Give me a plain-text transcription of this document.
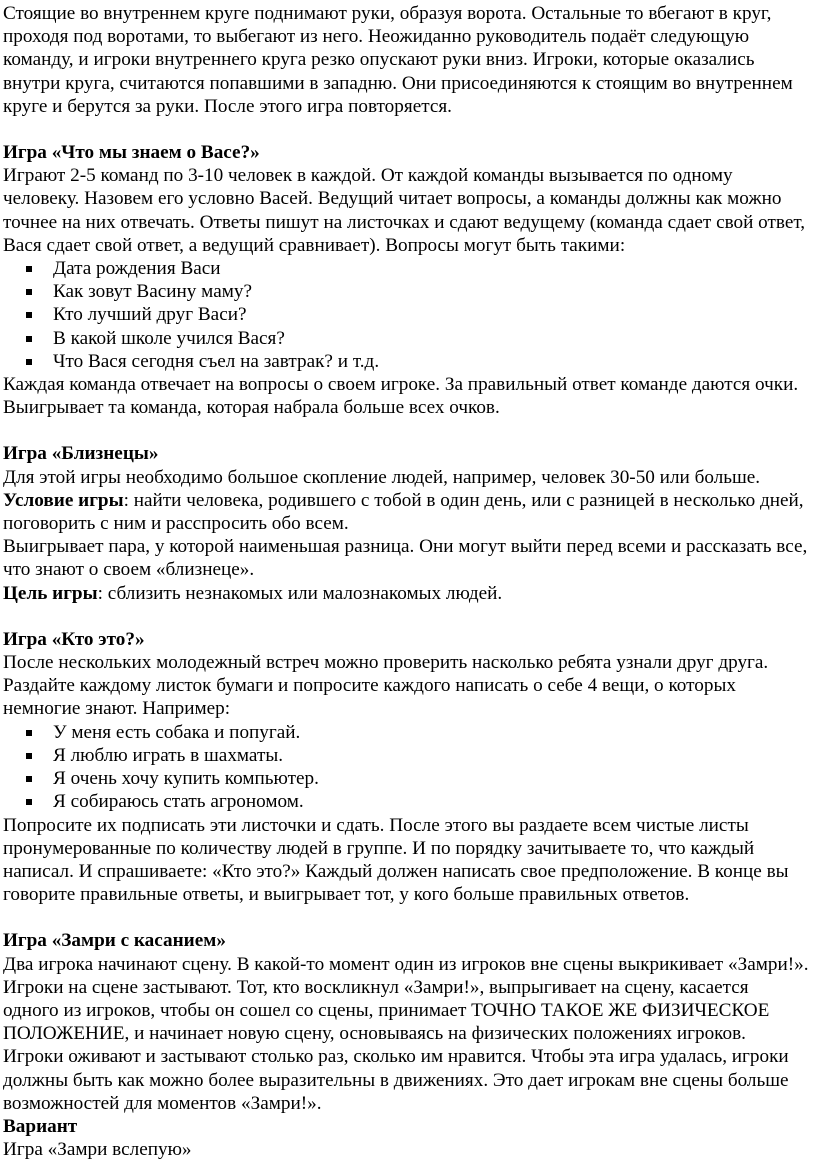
Стоящие во внутреннем круге поднимают руки, образуя ворота. Остальные то вбегают в круг, проходя под воротами, то выбегают из него. Неожиданно руководитель подаёт следующую команду, и игроки внутреннего круга резко опускают руки вниз. Игроки, которые оказались внутри круга, считаются попавшими в западню. Они присоединяются к стоящим во внутреннем круге и берутся за руки. После этого игра повторяется.

Игра «Что мы знаем о Васе?»

Играют 2-5 команд по 3-10 человек в каждой. От каждой команды вызывается по одному человеку. Назовем его условно Васей. Ведущий читает вопросы, а команды должны как можно точнее на них отвечать. Ответы пишут на листочках и сдают ведущему (команда сдает свой ответ, Вася сдает свой ответ, а ведущий сравнивает). Вопросы могут быть такими:

Дата рождения Васи
Как зовут Васину маму?
Кто лучший друг Васи?
В какой школе учился Вася?
Что Вася сегодня съел на завтрак? и т.д.

Каждая команда отвечает на вопросы о своем игроке. За правильный ответ команде даются очки. Выигрывает та команда, которая набрала больше всех очков.

Игра «Близнецы»

Для этой игры необходимо большое скопление людей, например, человек 30-50 или больше.

Условие игры: найти человека, родившего с тобой в один день, или с разницей в несколько дней, поговорить с ним и расспросить обо всем.

Выигрывает пара, у которой наименьшая разница. Они могут выйти перед всеми и рассказать все, что знают о своем «близнеце».

Цель игры: сблизить незнакомых или малознакомых людей.

Игра «Кто это?»

После нескольких молодежный встреч можно проверить насколько ребята узнали друг друга. Раздайте каждому листок бумаги и попросите каждого написать о себе 4 вещи, о которых немногие знают. Например:

У меня есть собака и попугай.
Я люблю играть в шахматы.
Я очень хочу купить компьютер.
Я собираюсь стать агрономом.

Попросите их подписать эти листочки и сдать. После этого вы раздаете всем чистые листы пронумерованные по количеству людей в группе. И по порядку зачитываете то, что каждый написал. И спрашиваете: «Кто это?» Каждый должен написать свое предположение. В конце вы говорите правильные ответы, и выигрывает тот, у кого больше правильных ответов.

Игра «Замри с касанием»

Два игрока начинают сцену. В какой-то момент один из игроков вне сцены выкрикивает «Замри!». Игроки на сцене застывают. Тот, кто воскликнул «Замри!», выпрыгивает на сцену, касается одного из игроков, чтобы он сошел со сцены, принимает ТОЧНО ТАКОЕ ЖЕ ФИЗИЧЕСКОЕ ПОЛОЖЕНИЕ, и начинает новую сцену, основываясь на физических положениях игроков. Игроки оживают и застывают столько раз, сколько им нравится. Чтобы эта игра удалась, игроки должны быть как можно более выразительны в движениях. Это дает игрокам вне сцены больше возможностей для моментов «Замри!».

Вариант

Игра «Замри вслепую»
